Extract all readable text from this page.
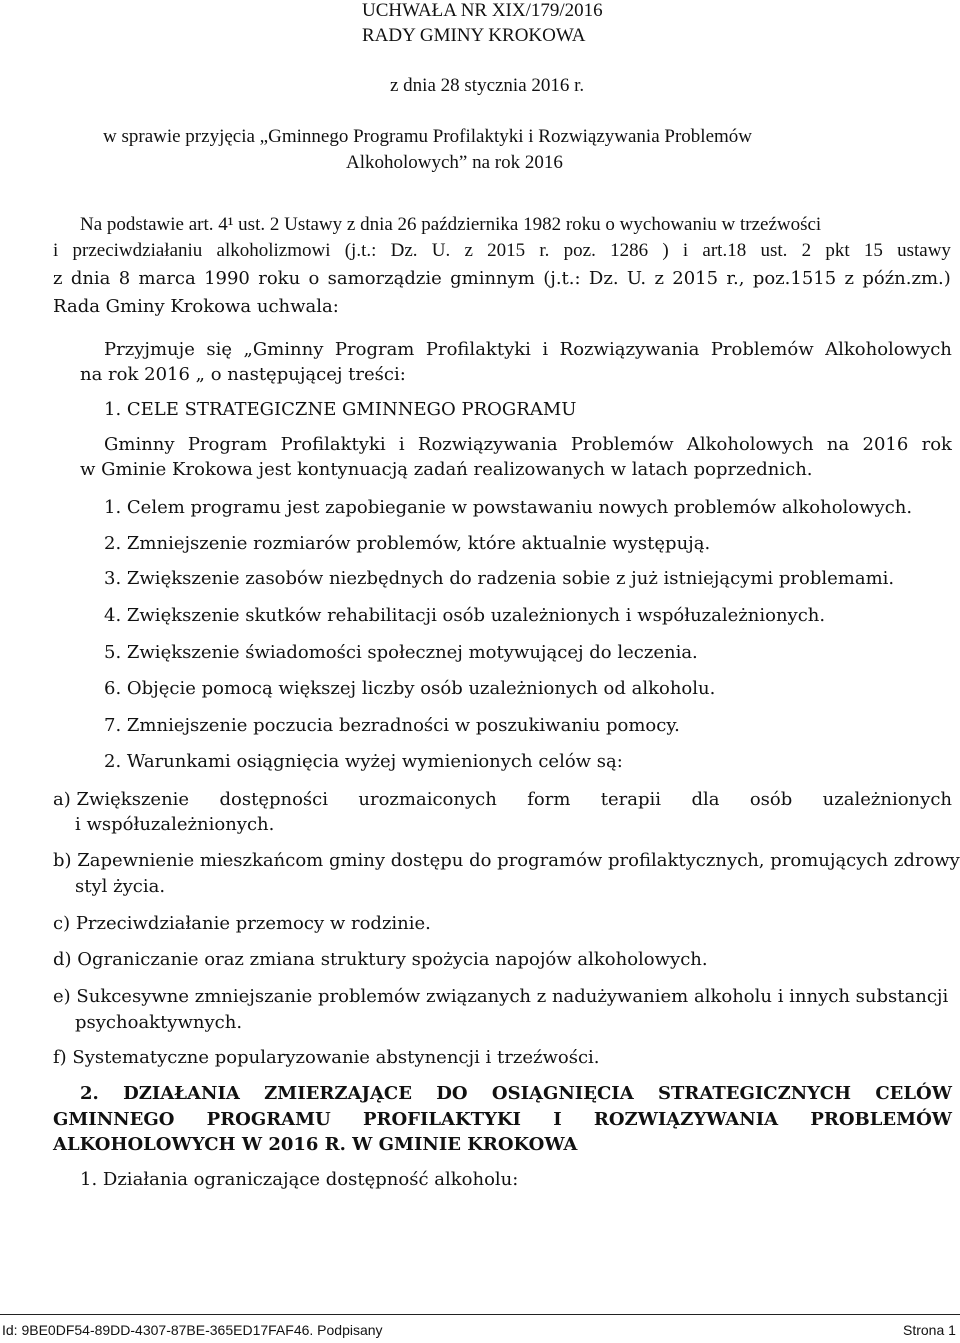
UCHWAŁA NR XIX/179/2016
RADY GMINY KROKOWA
z dnia 28 stycznia 2016 r.
w sprawie przyjęcia „Gminnego Programu Profilaktyki i Rozwiązywania Problemów
Alkoholowych” na rok 2016
Na podstawie art. 4¹ ust. 2 Ustawy z dnia 26 października 1982 roku o wychowaniu w trzeźwości
i przeciwdziałaniu alkoholizmowi (j.t.: Dz. U. z 2015 r. poz. 1286 ) i art.18 ust. 2 pkt 15 ustawy
z dnia 8 marca 1990 roku o samorządzie gminnym (j.t.: Dz. U. z 2015 r., poz.1515 z późn.zm.)
Rada Gminy Krokowa uchwala:
Przyjmuje się „Gminny Program Profilaktyki i Rozwiązywania Problemów Alkoholowych
na rok 2016 „ o następującej treści:
1. CELE STRATEGICZNE GMINNEGO PROGRAMU
Gminny Program Profilaktyki i Rozwiązywania Problemów Alkoholowych na 2016 rok
w Gminie Krokowa jest kontynuacją zadań realizowanych w latach poprzednich.
1. Celem programu jest zapobieganie w powstawaniu nowych problemów alkoholowych.
2. Zmniejszenie rozmiarów problemów, które aktualnie występują.
3. Zwiększenie zasobów niezbędnych do radzenia sobie z już istniejącymi problemami.
4. Zwiększenie skutków rehabilitacji osób uzależnionych i współuzależnionych.
5. Zwiększenie świadomości społecznej motywującej do leczenia.
6. Objęcie pomocą większej liczby osób uzależnionych od alkoholu.
7. Zmniejszenie poczucia bezradności w poszukiwaniu pomocy.
2. Warunkami osiągnięcia wyżej wymienionych celów są:
a) Zwiększenie dostępności urozmaiconych form terapii dla osób uzależnionych
i współuzależnionych.
b) Zapewnienie mieszkańcom gminy dostępu do programów profilaktycznych, promujących zdrowy
styl życia.
c) Przeciwdziałanie przemocy w rodzinie.
d) Ograniczanie oraz zmiana struktury spożycia napojów alkoholowych.
e) Sukcesywne zmniejszanie problemów związanych z nadużywaniem alkoholu i innych substancji
psychoaktywnych.
f) Systematyczne popularyzowanie abstynencji i trzeźwości.
2. DZIAŁANIA ZMIERZAJĄCE DO OSIĄGNIĘCIA STRATEGICZNYCH CELÓW
GMINNEGO PROGRAMU PROFILAKTYKI I ROZWIĄZYWANIA PROBLEMÓW
ALKOHOLOWYCH W 2016 R. W GMINIE KROKOWA
1. Działania ograniczające dostępność alkoholu:
Id: 9BE0DF54-89DD-4307-87BE-365ED17FAF46. Podpisany	Strona 1
